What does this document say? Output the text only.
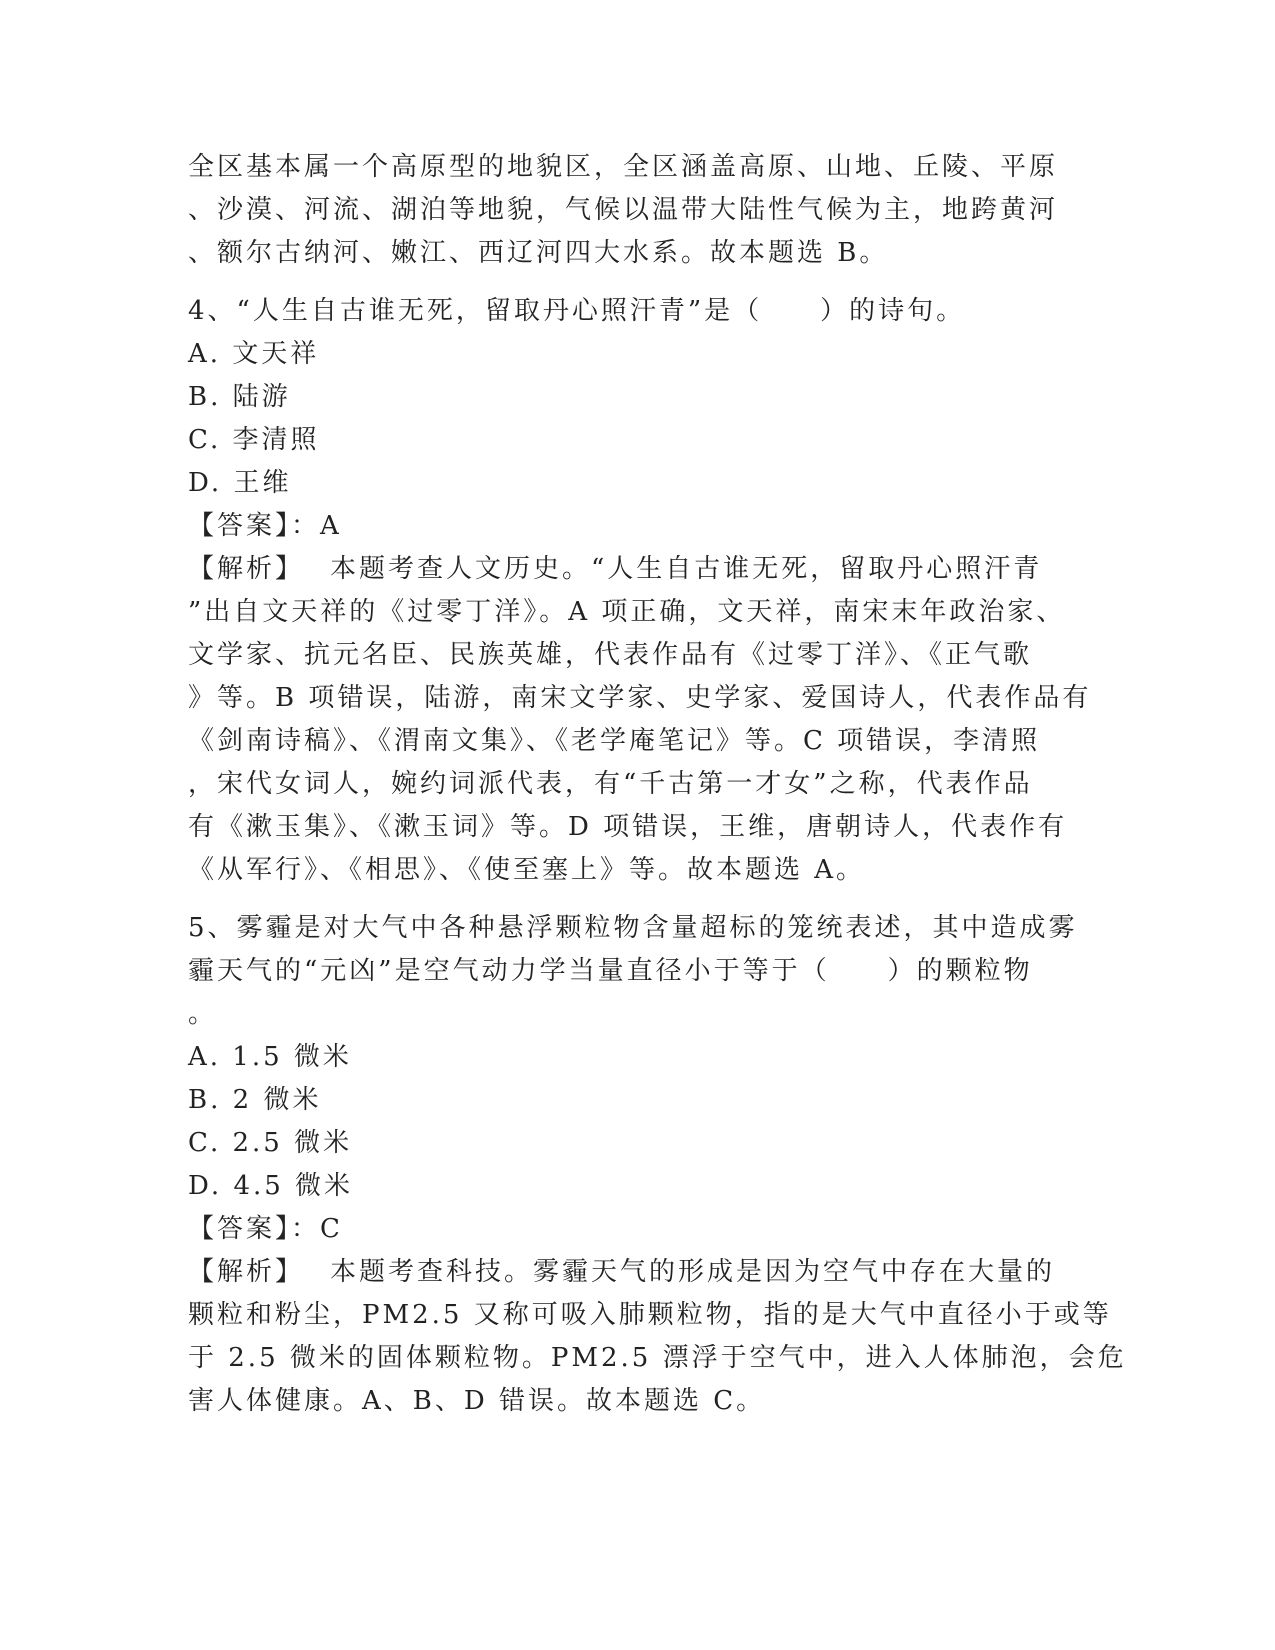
全区基本属一个高原型的地貌区，全区涵盖高原、山地、丘陵、平原
、沙漠、河流、湖泊等地貌，气候以温带大陆性气候为主，地跨黄河
、额尔古纳河、嫩江、西辽河四大水系。故本题选 B。
4、“人生自古谁无死，留取丹心照汗青”是（　　）的诗句。
A. 文天祥
B. 陆游
C. 李清照
D. 王维
【答案】：A
【解析】 本题考查人文历史。“人生自古谁无死，留取丹心照汗青
”出自文天祥的《过零丁洋》。A 项正确，文天祥，南宋末年政治家、
文学家、抗元名臣、民族英雄，代表作品有《过零丁洋》、《正气歌
》等。B 项错误，陆游，南宋文学家、史学家、爱国诗人，代表作品有
《剑南诗稿》、《渭南文集》、《老学庵笔记》等。C 项错误，李清照
，宋代女词人，婉约词派代表，有“千古第一才女”之称，代表作品
有《漱玉集》、《漱玉词》等。D 项错误，王维，唐朝诗人，代表作有
《从军行》、《相思》、《使至塞上》等。故本题选 A。
5、雾霾是对大气中各种悬浮颗粒物含量超标的笼统表述，其中造成雾
霾天气的“元凶”是空气动力学当量直径小于等于（　　）的颗粒物
。
A. 1.5 微米
B. 2 微米
C. 2.5 微米
D. 4.5 微米
【答案】：C
【解析】 本题考查科技。雾霾天气的形成是因为空气中存在大量的
颗粒和粉尘，PM2.5 又称可吸入肺颗粒物，指的是大气中直径小于或等
于 2.5 微米的固体颗粒物。PM2.5 漂浮于空气中，进入人体肺泡，会危
害人体健康。A、B、D 错误。故本题选 C。
